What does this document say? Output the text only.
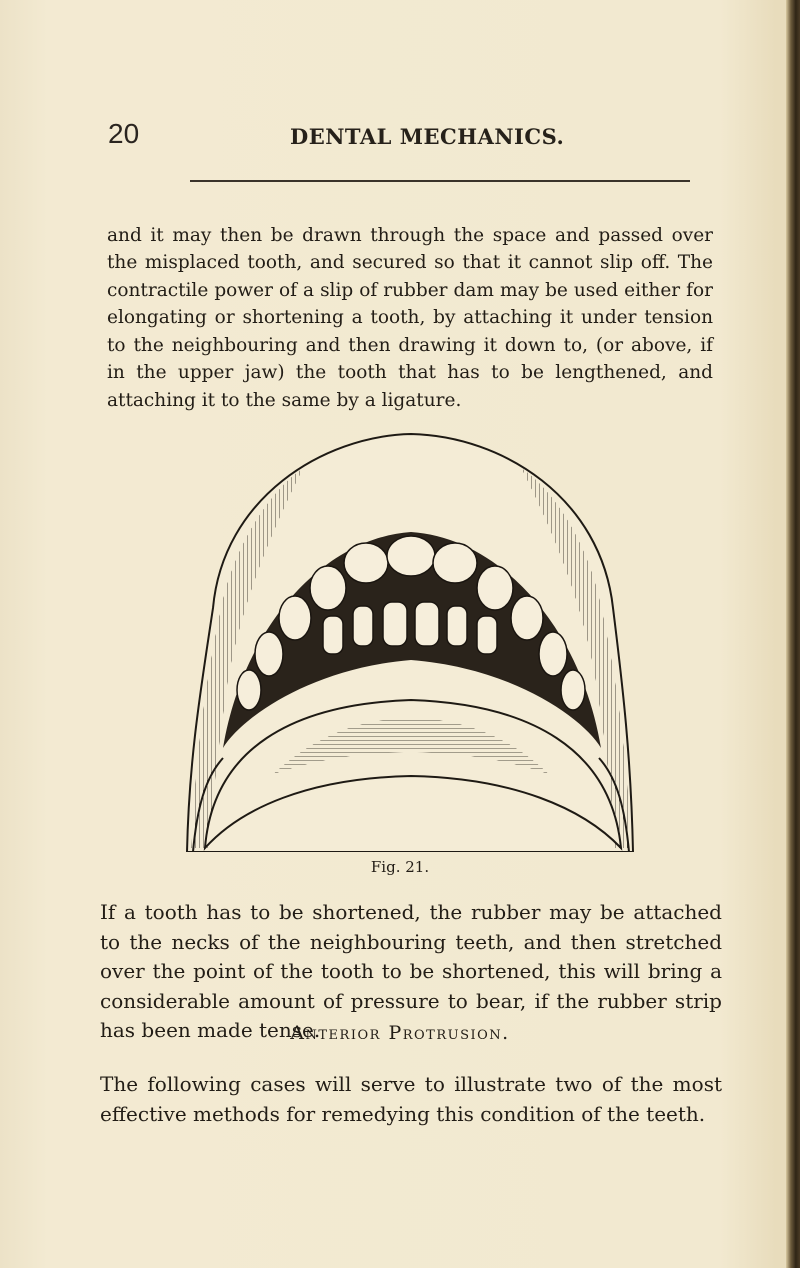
20	DENTAL MECHANICS.

and it may then be drawn through the space and passed over the misplaced tooth, and secured so that it cannot slip off. The contractile power of a slip of rubber dam may be used either for elongating or shortening a tooth, by attaching it under tension to the neighbouring and then drawing it down to, (or above, if in the upper jaw) the tooth that has to be lengthened, and attaching it to the same by a ligature.

Fig. 21.

If a tooth has to be shortened, the rubber may be attached to the necks of the neighbouring teeth, and then stretched over the point of the tooth to be shortened, this will bring a considerable amount of pressure to bear, if the rubber strip has been made tense.

Anterior Protrusion.

The following cases will serve to illustrate two of the most effective methods for remedying this condition of the teeth.
